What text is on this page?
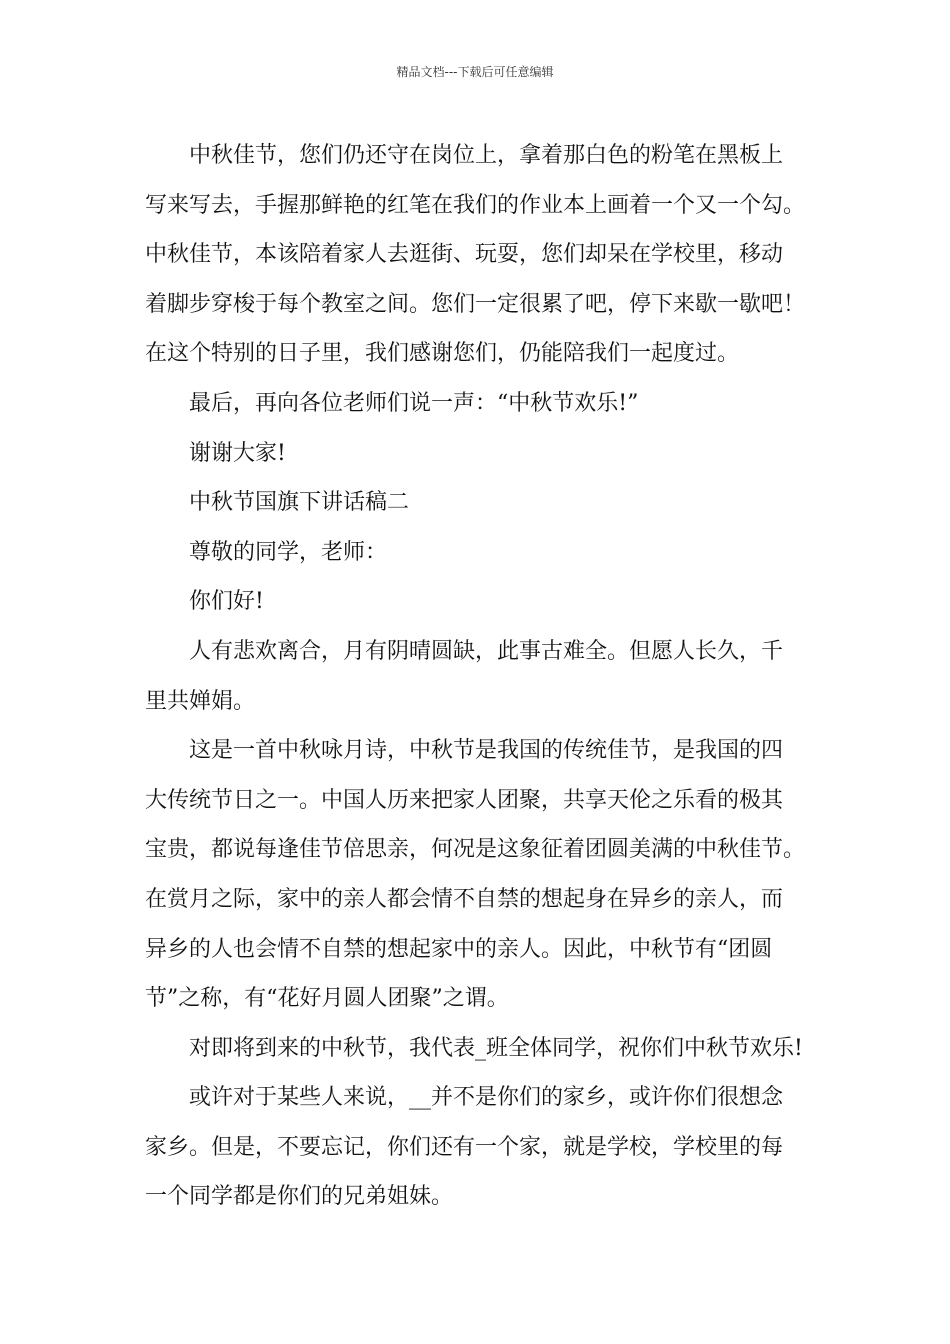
精品文档---下载后可任意编辑

中秋佳节，您们仍还守在岗位上，拿着那白色的粉笔在黑板上
写来写去，手握那鲜艳的红笔在我们的作业本上画着一个又一个勾。
中秋佳节，本该陪着家人去逛街、玩耍，您们却呆在学校里，移动
着脚步穿梭于每个教室之间。您们一定很累了吧，停下来歇一歇吧！
在这个特别的日子里，我们感谢您们，仍能陪我们一起度过。

最后，再向各位老师们说一声：“中秋节欢乐!”

谢谢大家!

中秋节国旗下讲话稿二

尊敬的同学，老师：

你们好!

人有悲欢离合，月有阴晴圆缺，此事古难全。但愿人长久，千
里共婵娟。

这是一首中秋咏月诗，中秋节是我国的传统佳节，是我国的四
大传统节日之一。中国人历来把家人团聚，共享天伦之乐看的极其
宝贵，都说每逢佳节倍思亲，何况是这象征着团圆美满的中秋佳节。
在赏月之际，家中的亲人都会情不自禁的想起身在异乡的亲人，而
异乡的人也会情不自禁的想起家中的亲人。因此，中秋节有“团圆
节”之称，有“花好月圆人团聚”之谓。

对即将到来的中秋节，我代表_班全体同学，祝你们中秋节欢乐!

或许对于某些人来说，__并不是你们的家乡，或许你们很想念
家乡。但是，不要忘记，你们还有一个家，就是学校，学校里的每
一个同学都是你们的兄弟姐妹。
